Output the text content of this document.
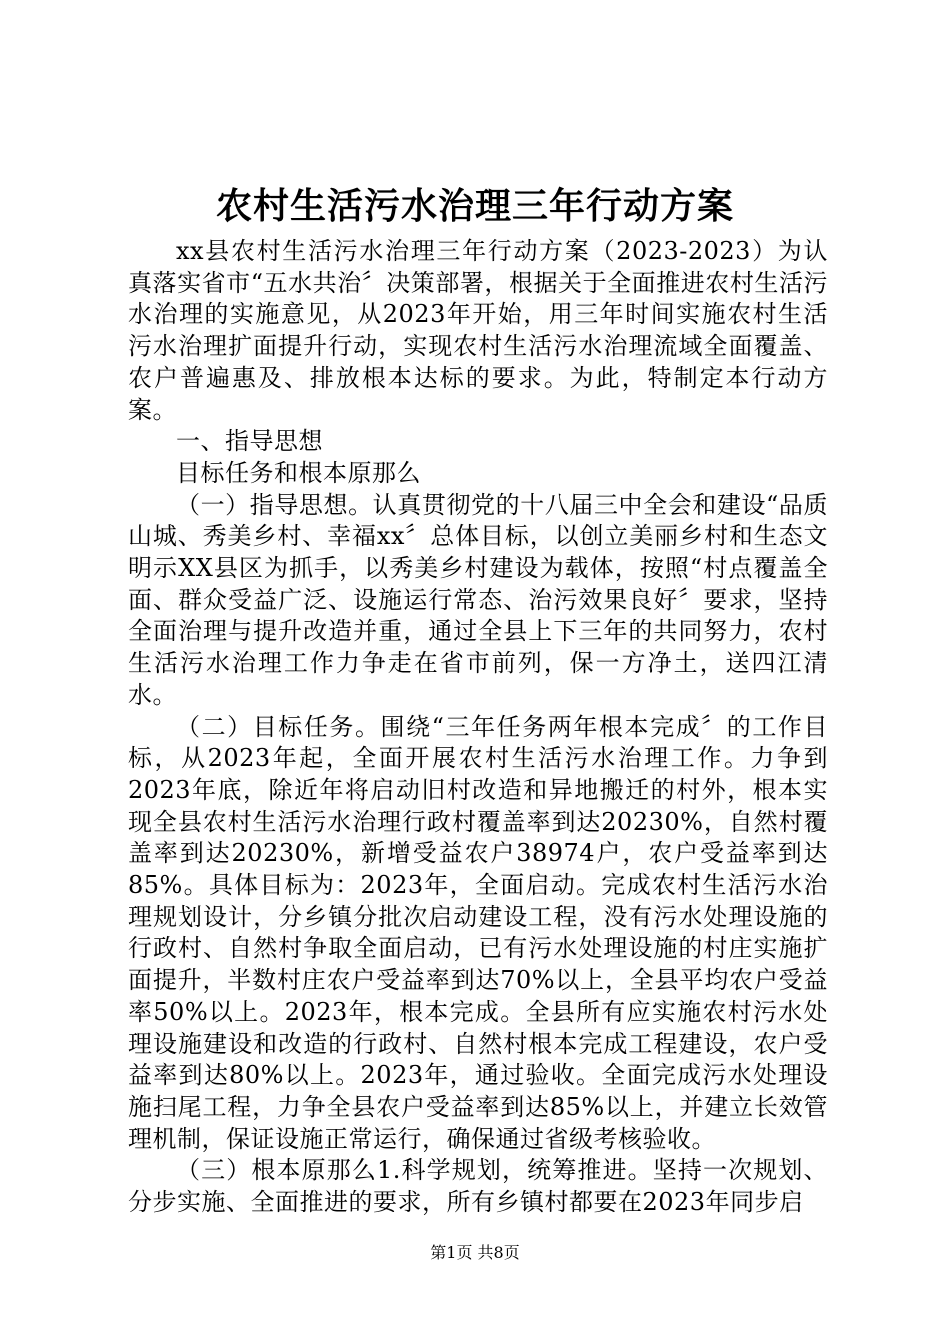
农村生活污水治理三年行动方案

xx县农村生活污水治理三年行动方案（2023-2023）为认真落实省市“五水共治〞决策部署，根据关于全面推进农村生活污水治理的实施意见，从2023年开始，用三年时间实施农村生活污水治理扩面提升行动，实现农村生活污水治理流域全面覆盖、农户普遍惠及、排放根本达标的要求。为此，特制定本行动方案。

一、指导思想

目标任务和根本原那么

（一）指导思想。认真贯彻党的十八届三中全会和建设“品质山城、秀美乡村、幸福xx〞总体目标，以创立美丽乡村和生态文明示XX县区为抓手，以秀美乡村建设为载体，按照“村点覆盖全面、群众受益广泛、设施运行常态、治污效果良好〞要求，坚持全面治理与提升改造并重，通过全县上下三年的共同努力，农村生活污水治理工作力争走在省市前列，保一方净土，送四江清水。

（二）目标任务。围绕“三年任务两年根本完成〞的工作目标，从2023年起，全面开展农村生活污水治理工作。力争到2023年底，除近年将启动旧村改造和异地搬迁的村外，根本实现全县农村生活污水治理行政村覆盖率到达20230%，自然村覆盖率到达20230%，新增受益农户38974户，农户受益率到达85%。具体目标为：2023年，全面启动。完成农村生活污水治理规划设计，分乡镇分批次启动建设工程，没有污水处理设施的行政村、自然村争取全面启动，已有污水处理设施的村庄实施扩面提升，半数村庄农户受益率到达70%以上，全县平均农户受益率50%以上。2023年，根本完成。全县所有应实施农村污水处理设施建设和改造的行政村、自然村根本完成工程建设，农户受益率到达80%以上。2023年，通过验收。全面完成污水处理设施扫尾工程，力争全县农户受益率到达85%以上，并建立长效管理机制，保证设施正常运行，确保通过省级考核验收。

（三）根本原那么1.科学规划，统筹推进。坚持一次规划、分步实施、全面推进的要求，所有乡镇村都要在2023年同步启

第1页 共8页
